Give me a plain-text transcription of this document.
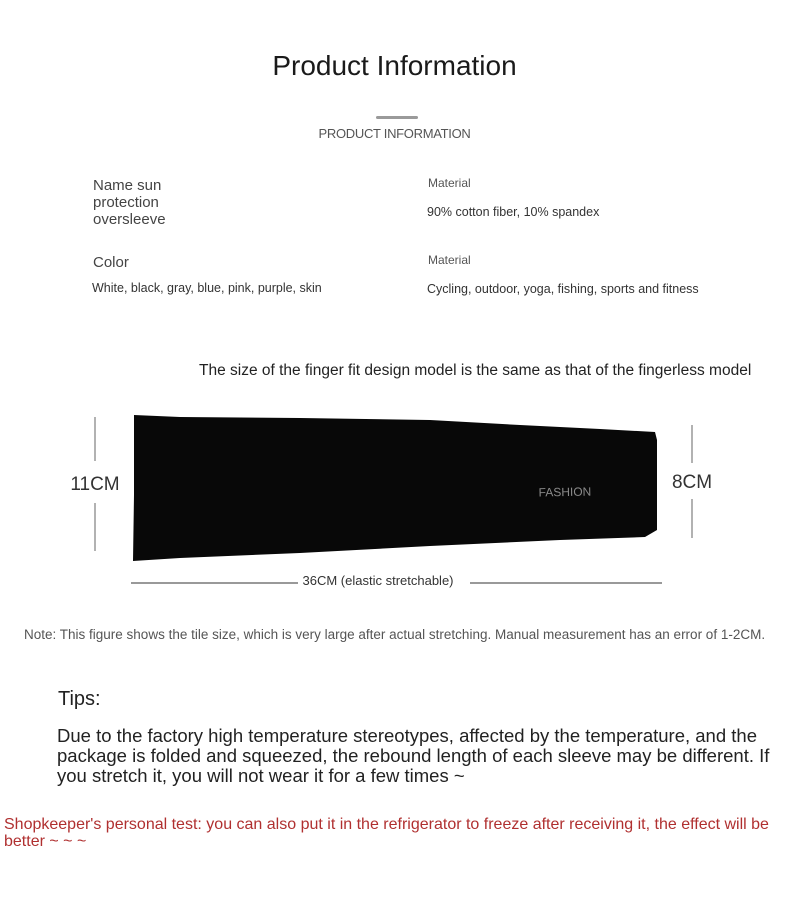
Product Information
PRODUCT INFORMATION
Name sun protection oversleeve
Material
90% cotton fiber, 10% spandex
Color
White, black, gray, blue, pink, purple, skin
Material
Cycling, outdoor, yoga, fishing, sports and fitness
The size of the finger fit design model is the same as that of the fingerless model
11CM	FASHION	8CM
36CM (elastic stretchable)
Note: This figure shows the tile size, which is very large after actual stretching. Manual measurement has an error of 1-2CM.
Tips:
Due to the factory high temperature stereotypes, affected by the temperature, and the package is folded and squeezed, the rebound length of each sleeve may be different. If you stretch it, you will not wear it for a few times ~
Shopkeeper's personal test: you can also put it in the refrigerator to freeze after receiving it, the effect will be better ~ ~ ~
